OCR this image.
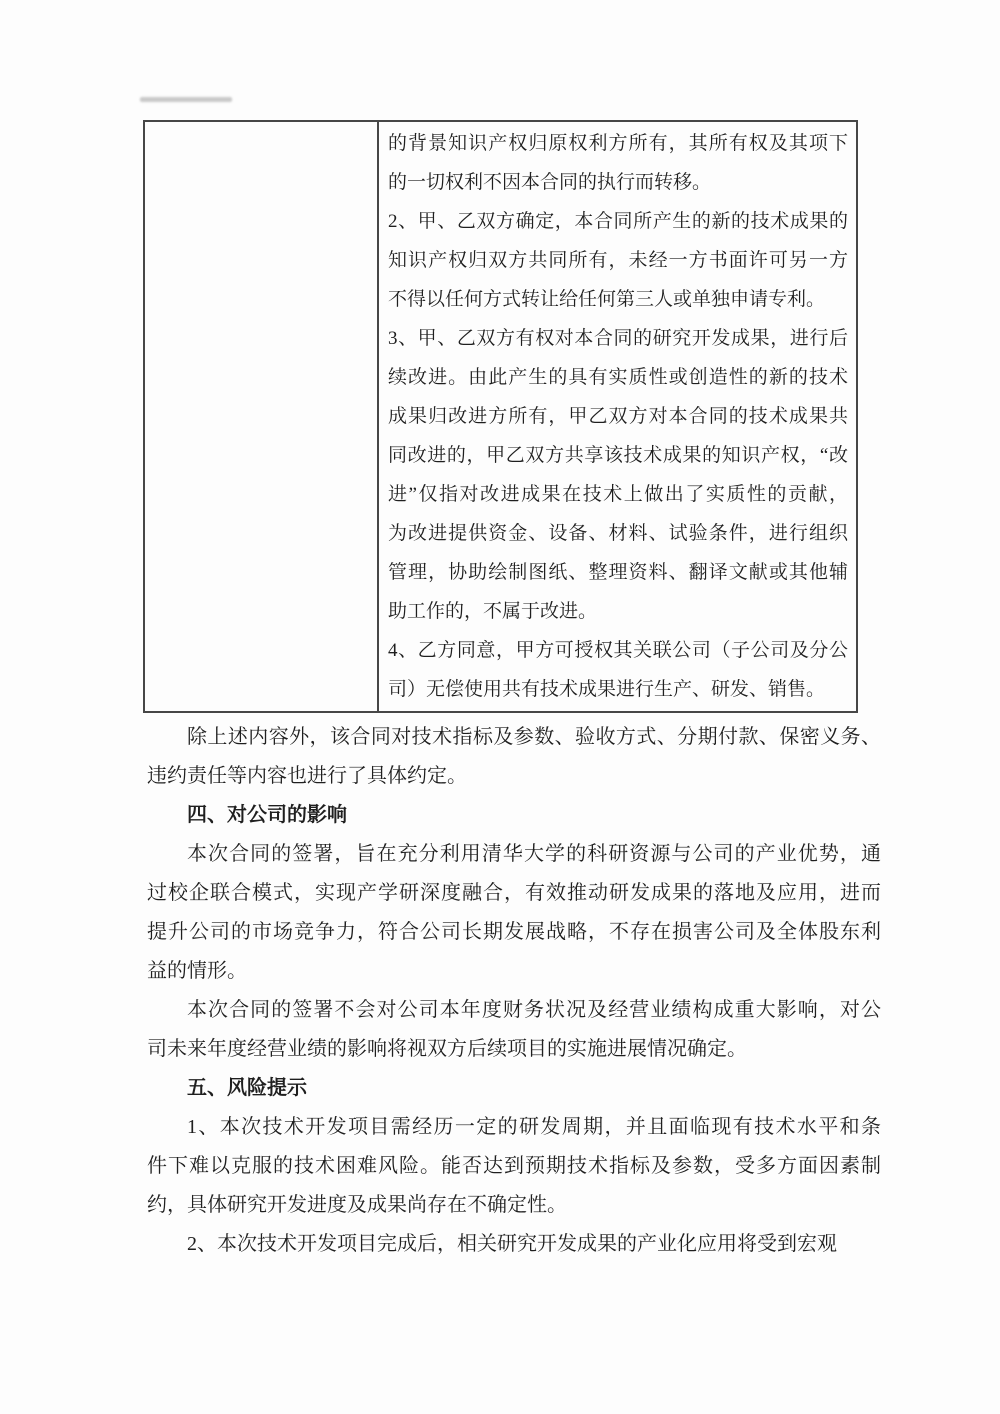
的背景知识产权归原权利方所有，其所有权及其项下
的一切权利不因本合同的执行而转移。
2、甲、乙双方确定，本合同所产生的新的技术成果的
知识产权归双方共同所有，未经一方书面许可另一方
不得以任何方式转让给任何第三人或单独申请专利。
3、甲、乙双方有权对本合同的研究开发成果，进行后
续改进。由此产生的具有实质性或创造性的新的技术
成果归改进方所有，甲乙双方对本合同的技术成果共
同改进的，甲乙双方共享该技术成果的知识产权，“改
进”仅指对改进成果在技术上做出了实质性的贡献，
为改进提供资金、设备、材料、试验条件，进行组织
管理，协助绘制图纸、整理资料、翻译文献或其他辅
助工作的，不属于改进。
4、乙方同意，甲方可授权其关联公司（子公司及分公
司）无偿使用共有技术成果进行生产、研发、销售。
除上述内容外，该合同对技术指标及参数、验收方式、分期付款、保密义务、
违约责任等内容也进行了具体约定。
四、对公司的影响
本次合同的签署，旨在充分利用清华大学的科研资源与公司的产业优势，通
过校企联合模式，实现产学研深度融合，有效推动研发成果的落地及应用，进而
提升公司的市场竞争力，符合公司长期发展战略，不存在损害公司及全体股东利
益的情形。
本次合同的签署不会对公司本年度财务状况及经营业绩构成重大影响，对公
司未来年度经营业绩的影响将视双方后续项目的实施进展情况确定。
五、风险提示
1、本次技术开发项目需经历一定的研发周期，并且面临现有技术水平和条
件下难以克服的技术困难风险。能否达到预期技术指标及参数，受多方面因素制
约，具体研究开发进度及成果尚存在不确定性。
2、本次技术开发项目完成后，相关研究开发成果的产业化应用将受到宏观
